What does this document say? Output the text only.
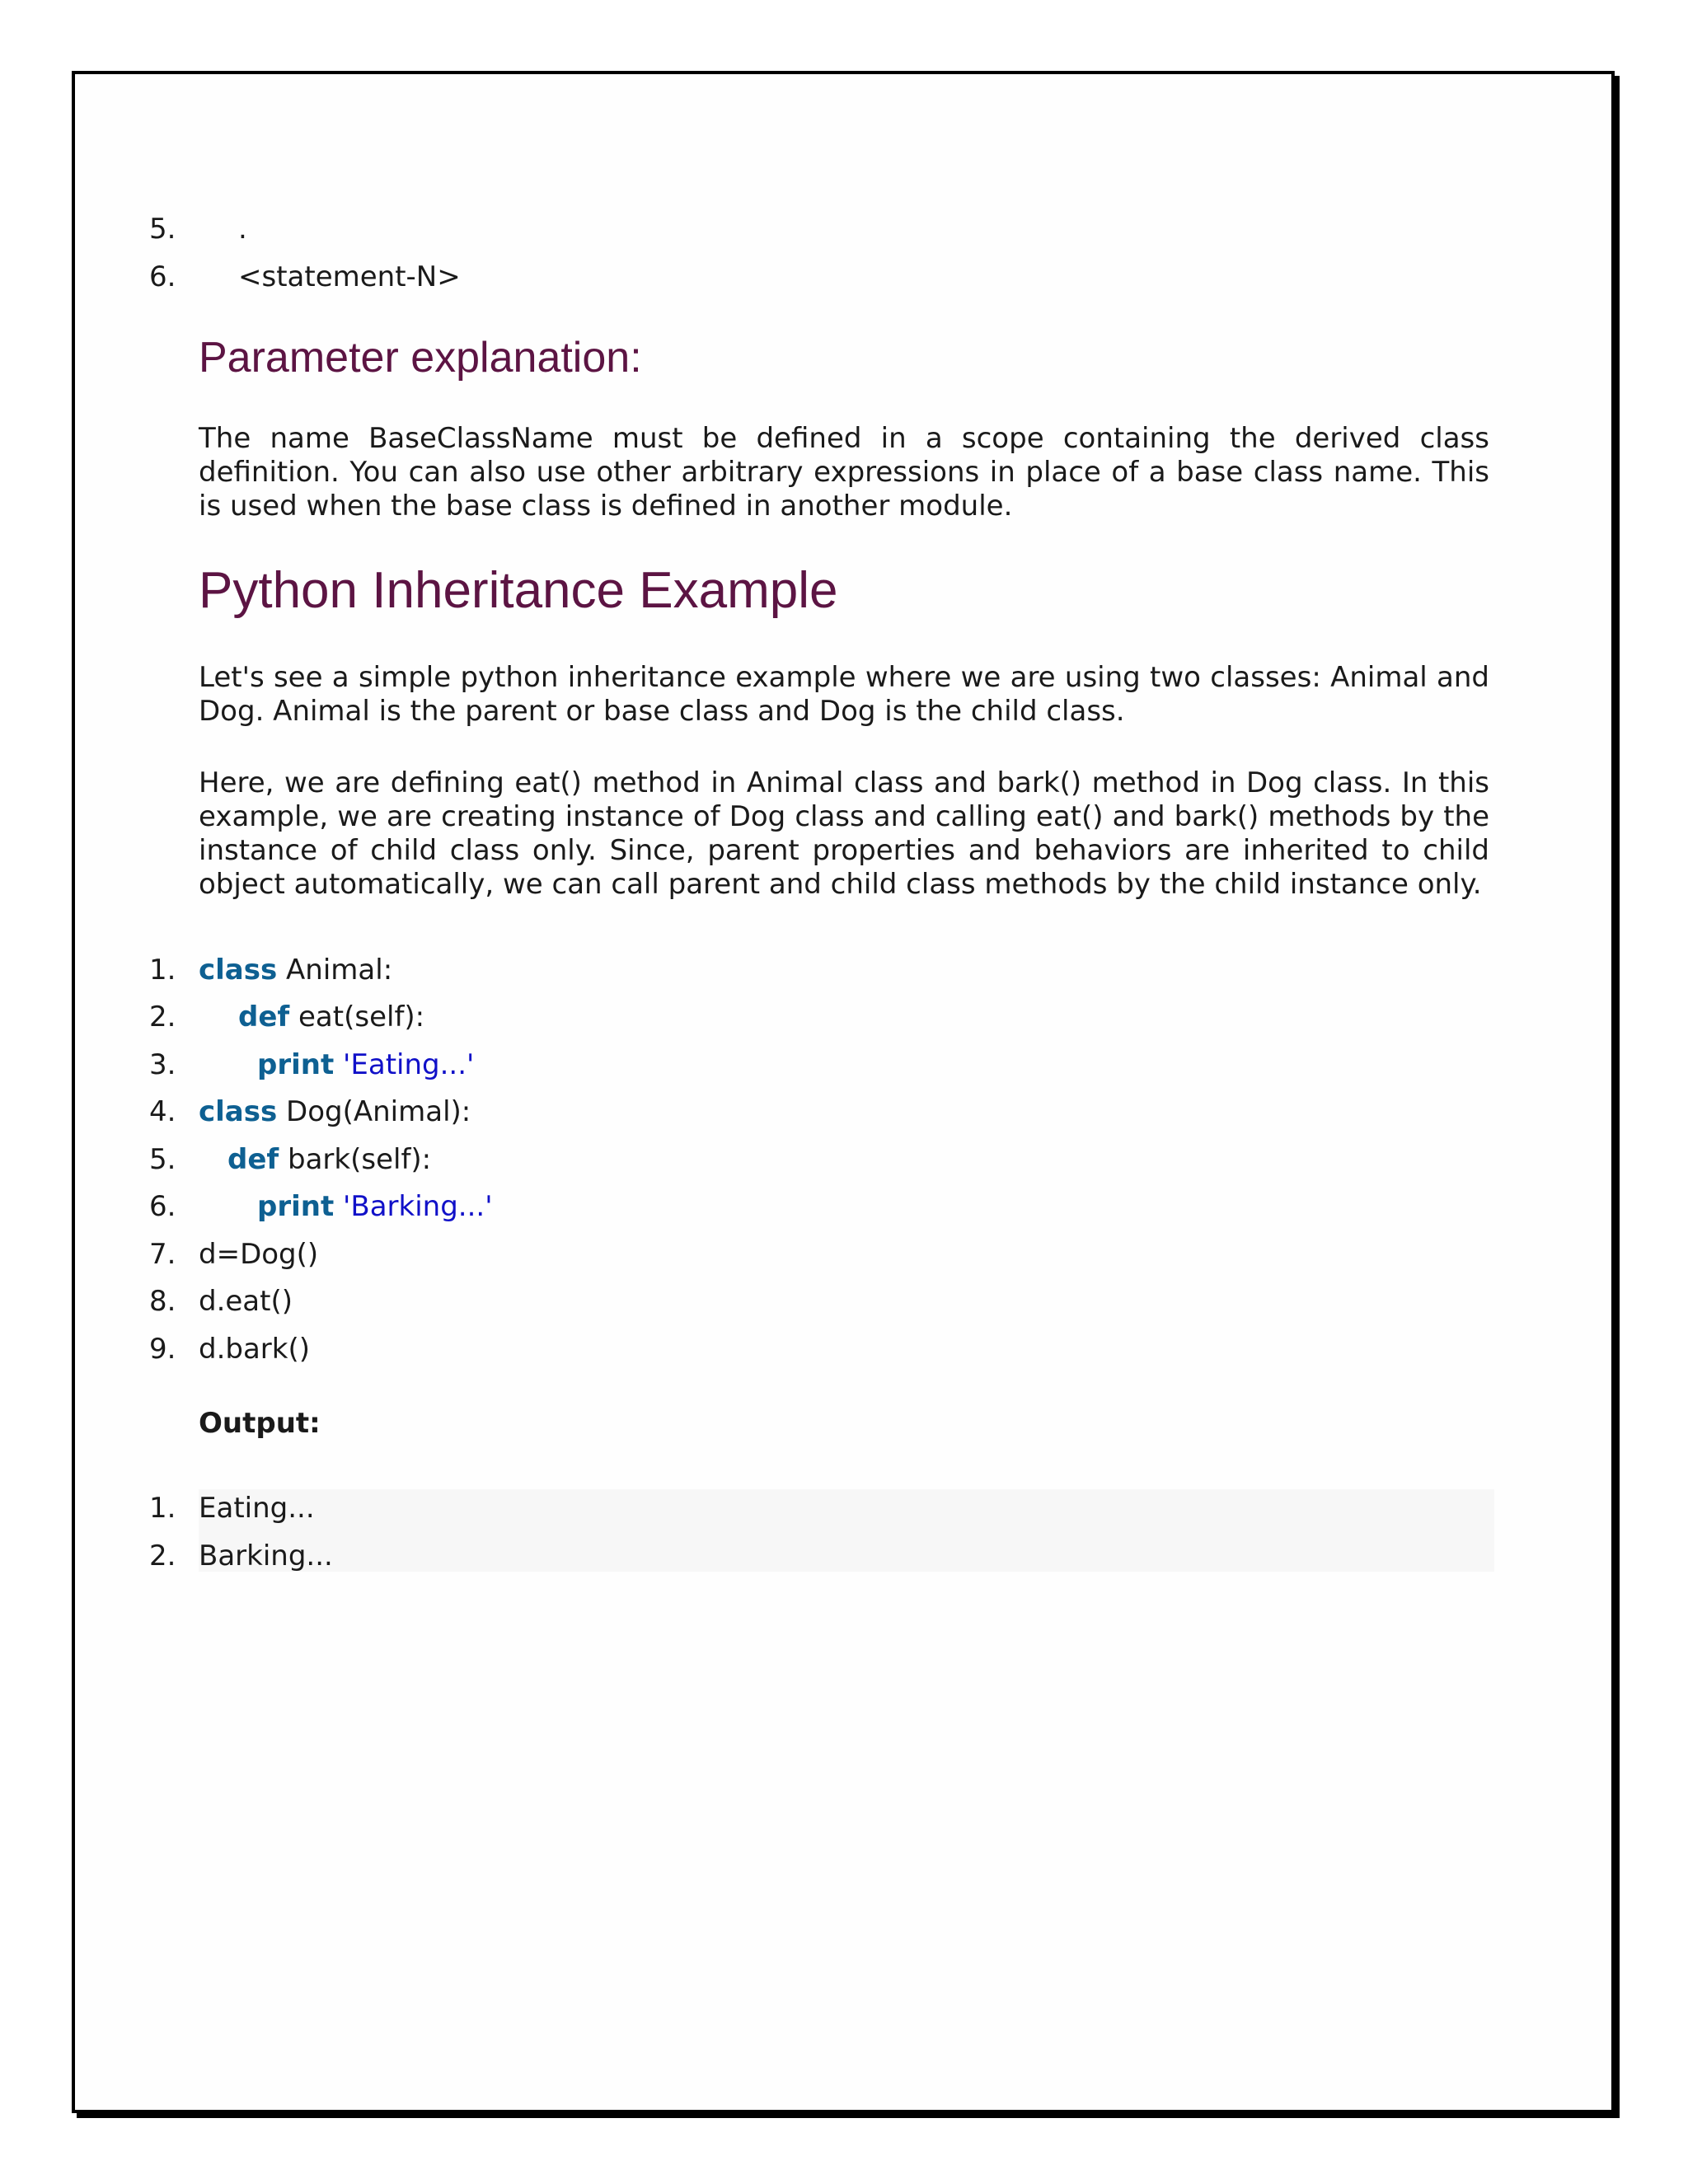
5.	.
6.	<statement-N>
Parameter explanation:

The name BaseClassName must be defined in a scope containing the derived class definition. You can also use other arbitrary expressions in place of a base class name. This is used when the base class is defined in another module.

Python Inheritance Example

Let's see a simple python inheritance example where we are using two classes: Animal and Dog. Animal is the parent or base class and Dog is the child class.

Here, we are defining eat() method in Animal class and bark() method in Dog class. In this example, we are creating instance of Dog class and calling eat() and bark() methods by the instance of child class only. Since, parent properties and behaviors are inherited to child object automatically, we can call parent and child class methods by the child instance only.

1. class Animal:
2.	def eat(self):
3.	print 'Eating...'
4. class Dog(Animal):
5.	def bark(self):
6.	print 'Barking...'
7. d=Dog()
8. d.eat()
9. d.bark()

Output:

1. Eating...
2. Barking...
